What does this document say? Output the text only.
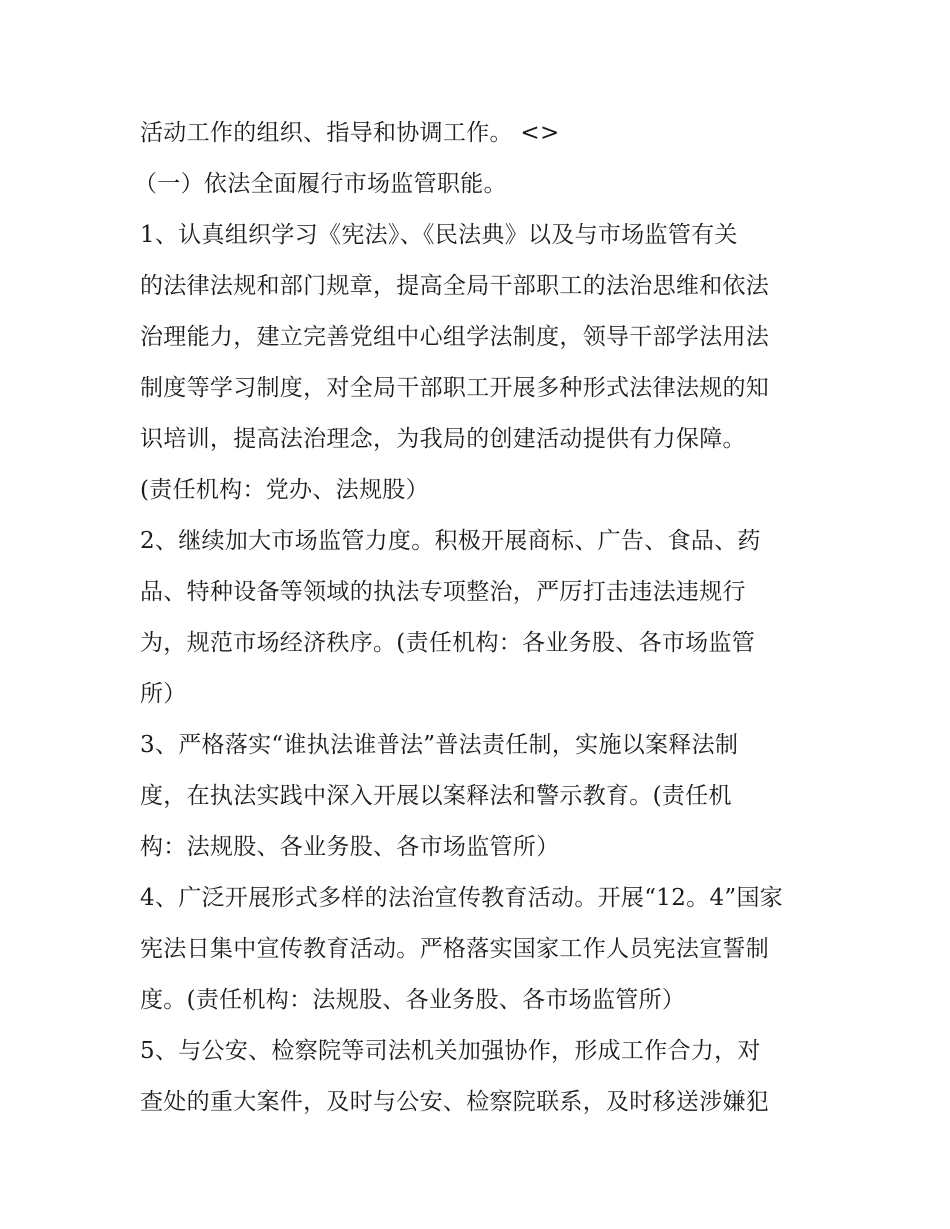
活动工作的组织、指导和协调工作。 <>
（一）依法全面履行市场监管职能。
1、认真组织学习《宪法》、《民法典》以及与市场监管有关
的法律法规和部门规章，提高全局干部职工的法治思维和依法
治理能力，建立完善党组中心组学法制度，领导干部学法用法
制度等学习制度，对全局干部职工开展多种形式法律法规的知
识培训，提高法治理念，为我局的创建活动提供有力保障。
(责任机构：党办、法规股）
2、继续加大市场监管力度。积极开展商标、广告、食品、药
品、特种设备等领域的执法专项整治，严厉打击违法违规行
为，规范市场经济秩序。(责任机构：各业务股、各市场监管
所）
3、严格落实“谁执法谁普法”普法责任制，实施以案释法制
度，在执法实践中深入开展以案释法和警示教育。(责任机
构：法规股、各业务股、各市场监管所）
4、广泛开展形式多样的法治宣传教育活动。开展“12。4”国家
宪法日集中宣传教育活动。严格落实国家工作人员宪法宣誓制
度。(责任机构：法规股、各业务股、各市场监管所）
5、与公安、检察院等司法机关加强协作，形成工作合力，对
查处的重大案件，及时与公安、检察院联系，及时移送涉嫌犯
